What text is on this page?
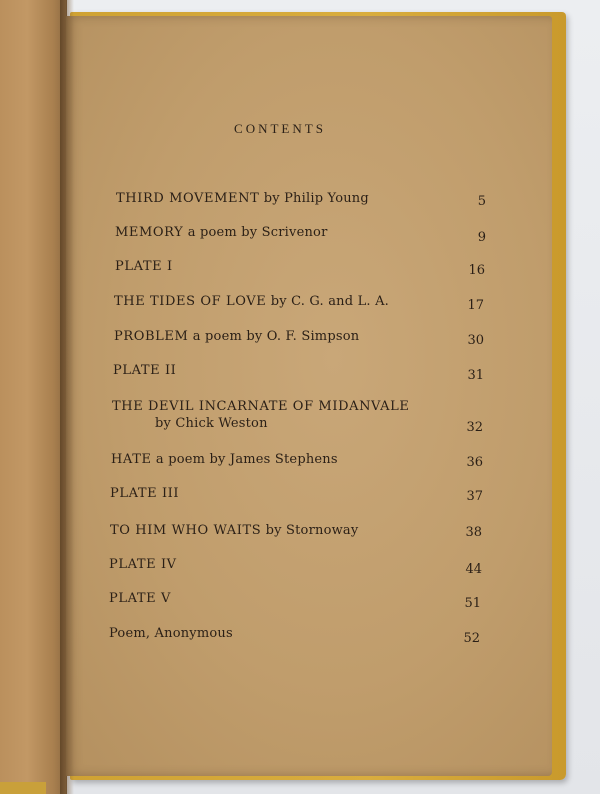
CONTENTS
THIRD MOVEMENT by Philip Young	5
MEMORY a poem by Scrivenor	9
PLATE I	16
THE TIDES OF LOVE by C. G. and L. A.	17
PROBLEM a poem by O. F. Simpson	30
PLATE II	31
THE DEVIL INCARNATE OF MIDANVALE
by Chick Weston	32
HATE a poem by James Stephens	36
PLATE III	37
TO HIM WHO WAITS by Stornoway	38
PLATE IV	44
PLATE V	51
Poem, Anonymous	52
